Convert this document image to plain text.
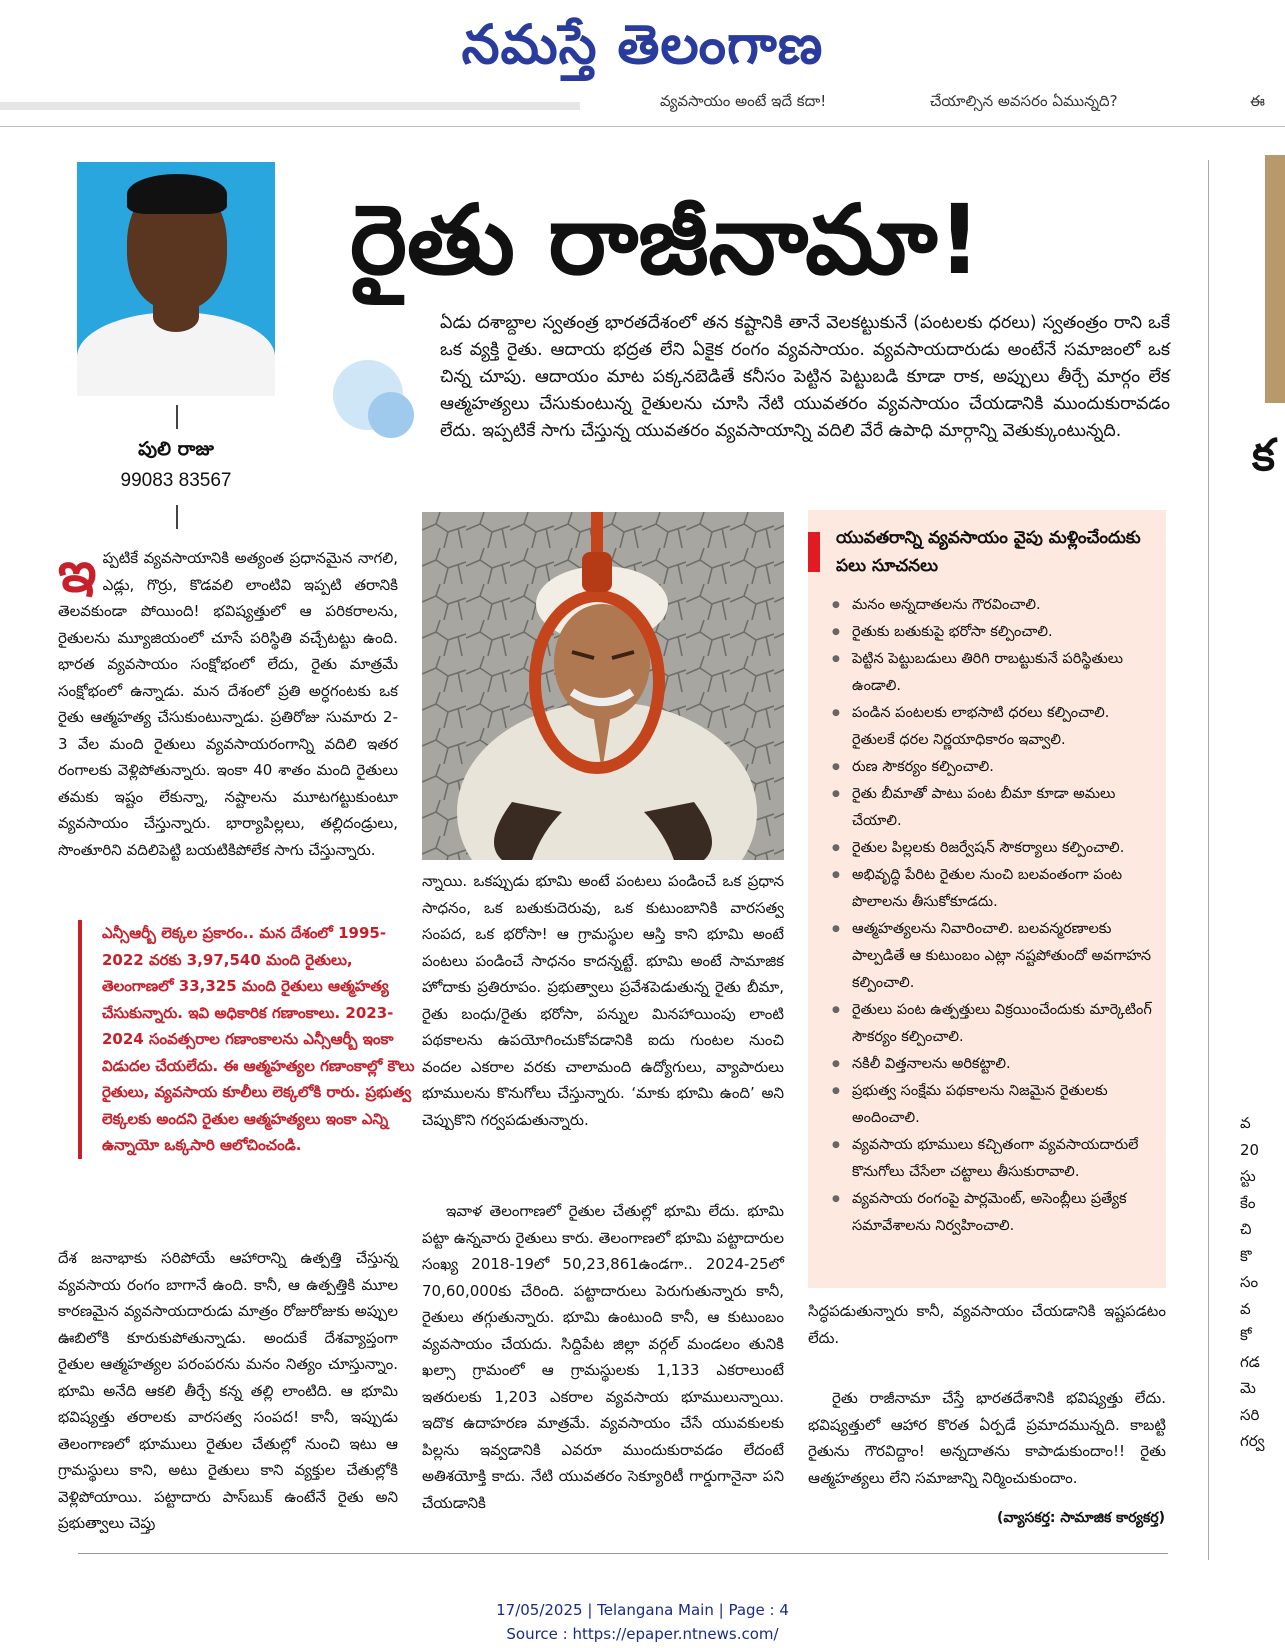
నమస్తే తెలంగాణ
వ్యవసాయం అంటే ఇదే కదా!	చేయాల్సిన అవసరం ఏమున్నది?	ఈ
పులి రాజు
99083 83567
రైతు రాజీనామా!
ఏడు దశాబ్దాల స్వతంత్ర భారతదేశంలో తన కష్టానికి తానే వెలకట్టుకునే (పంటలకు ధరలు) స్వతంత్రం రాని ఒకే ఒక వ్యక్తి రైతు. ఆదాయ భద్రత లేని ఏకైక రంగం వ్యవసాయం. వ్యవసాయదారుడు అంటేనే సమాజంలో ఒక చిన్న చూపు. ఆదాయం మాట పక్కనబెడితే కనీసం పెట్టిన పెట్టుబడి కూడా రాక, అప్పులు తీర్చే మార్గం లేక ఆత్మహత్యలు చేసుకుంటున్న రైతులను చూసి నేటి యువతరం వ్యవసాయం చేయడానికి ముందుకురావడం లేదు. ఇప్పటికే సాగు చేస్తున్న యువతరం వ్యవసాయాన్ని వదిలి వేరే ఉపాధి మార్గాన్ని వెతుక్కుంటున్నది.
ఇ ప్పటికే వ్యవసాయానికి అత్యంత ప్రధానమైన నాగలి, ఎడ్లు, గొర్రు, కొడవలి లాంటివి ఇప్పటి తరానికి తెలవకుండా పోయింది! భవిష్యత్తులో ఆ పరికరాలను, రైతులను మ్యూజియంలో చూసే పరిస్థితి వచ్చేటట్టు ఉంది. భారత వ్యవసాయం సంక్షోభంలో లేదు, రైతు మాత్రమే సంక్షోభంలో ఉన్నాడు. మన దేశంలో ప్రతి అర్ధగంటకు ఒక రైతు ఆత్మహత్య చేసుకుంటున్నాడు. ప్రతిరోజు సుమారు 2-3 వేల మంది రైతులు వ్యవసాయరంగాన్ని వదిలి ఇతర రంగాలకు వెళ్లిపోతున్నారు. ఇంకా 40 శాతం మంది రైతులు తమకు ఇష్టం లేకున్నా, నష్టాలను మూటగట్టుకుంటూ వ్యవసాయం చేస్తున్నారు. భార్యాపిల్లలు, తల్లిదండ్రులు, సొంతూరిని వదిలిపెట్టి బయటికిపోలేక సాగు చేస్తున్నారు.
ఎన్సీఆర్బీ లెక్కల ప్రకారం.. మన దేశంలో 1995-2022 వరకు 3,97,540 మంది రైతులు, తెలంగాణలో 33,325 మంది రైతులు ఆత్మహత్య చేసుకున్నారు. ఇవి అధికారిక గణాంకాలు. 2023- 2024 సంవత్సరాల గణాంకాలను ఎన్సీఆర్బీ ఇంకా విడుదల చేయలేదు. ఈ ఆత్మహత్యల గణాంకాల్లో కౌలు రైతులు, వ్యవసాయ కూలీలు లెక్కలోకి రారు. ప్రభుత్వ లెక్కలకు అందని రైతుల ఆత్మహత్యలు ఇంకా ఎన్ని ఉన్నాయో ఒక్కసారి ఆలోచించండి.
దేశ జనాభాకు సరిపోయే ఆహారాన్ని ఉత్పత్తి చేస్తున్న వ్యవసాయ రంగం బాగానే ఉంది. కానీ, ఆ ఉత్పత్తికి మూల కారణమైన వ్యవసాయదారుడు మాత్రం రోజురోజుకు అప్పుల ఊబిలోకి కూరుకుపోతున్నాడు. అందుకే దేశవ్యాప్తంగా రైతుల ఆత్మహత్యల పరంపరను మనం నిత్యం చూస్తున్నాం. భూమి అనేది ఆకలి తీర్చే కన్న తల్లి లాంటిది. ఆ భూమి భవిష్యత్తు తరాలకు వారసత్వ సంపద! కానీ, ఇప్పుడు తెలంగాణలో భూములు రైతుల చేతుల్లో నుంచి ఇటు ఆ గ్రామస్థులు కాని, అటు రైతులు కాని వ్యక్తుల చేతుల్లోకి వెళ్లిపోయాయి. పట్టాదారు పాస్‌బుక్ ఉంటేనే రైతు అని ప్రభుత్వాలు చెప్తు
న్నాయి. ఒకప్పుడు భూమి అంటే పంటలు పండించే ఒక ప్రధాన సాధనం, ఒక బతుకుదెరువు, ఒక కుటుంబానికి వారసత్వ సంపద, ఒక భరోసా! ఆ గ్రామస్థుల ఆస్తి కాని భూమి అంటే పంటలు పండించే సాధనం కాదన్నట్టే. భూమి అంటే సామాజిక హోదాకు ప్రతిరూపం. ప్రభుత్వాలు ప్రవేశపెడుతున్న రైతు బీమా, రైతు బంధు/రైతు భరోసా, పన్నుల మినహాయింపు లాంటి పథకాలను ఉపయోగించుకోవడానికి ఐదు గుంటల నుంచి వందల ఎకరాల వరకు చాలామంది ఉద్యోగులు, వ్యాపారులు భూములను కొనుగోలు చేస్తున్నారు. ‘మాకు భూమి ఉంది’ అని చెప్పుకొని గర్వపడుతున్నారు.
ఇవాళ తెలంగాణలో రైతుల చేతుల్లో భూమి లేదు. భూమి పట్టా ఉన్నవారు రైతులు కారు. తెలంగాణలో భూమి పట్టాదారుల సంఖ్య 2018-19లో 50,23,861ఉండగా.. 2024-25లో 70,60,000కు చేరింది. పట్టాదారులు పెరుగుతున్నారు కానీ, రైతులు తగ్గుతున్నారు. భూమి ఉంటుంది కానీ, ఆ కుటుంబం వ్యవసాయం చేయదు. సిద్దిపేట జిల్లా వర్గల్ మండలం తునికి ఖల్సా గ్రామంలో ఆ గ్రామస్థులకు 1,133 ఎకరాలుంటే ఇతరులకు 1,203 ఎకరాల వ్యవసాయ భూములున్నాయి. ఇదొక ఉదాహరణ మాత్రమే. వ్యవసాయం చేసే యువకులకు పిల్లను ఇవ్వడానికి ఎవరూ ముందుకురావడం లేదంటే అతిశయోక్తి కాదు. నేటి యువతరం సెక్యూరిటీ గార్డుగానైనా పని చేయడానికి
యువతరాన్ని వ్యవసాయం వైపు మళ్లించేందుకు పలు సూచనలు
● మనం అన్నదాతలను గౌరవించాలి.
● రైతుకు బతుకుపై భరోసా కల్పించాలి.
● పెట్టిన పెట్టుబడులు తిరిగి రాబట్టుకునే పరిస్థితులు ఉండాలి.
● పండిన పంటలకు లాభసాటి ధరలు కల్పించాలి. రైతులకే ధరల నిర్ణయాధికారం ఇవ్వాలి.
● రుణ సౌకర్యం కల్పించాలి.
● రైతు బీమాతో పాటు పంట బీమా కూడా అమలు చేయాలి.
● రైతుల పిల్లలకు రిజర్వేషన్ సౌకర్యాలు కల్పించాలి.
● అభివృద్ధి పేరిట రైతుల నుంచి బలవంతంగా పంట పొలాలను తీసుకోకూడదు.
● ఆత్మహత్యలను నివారించాలి. బలవన్మరణాలకు పాల్పడితే ఆ కుటుంబం ఎట్లా నష్టపోతుందో అవగాహన కల్పించాలి.
● రైతులు పంట ఉత్పత్తులు విక్రయించేందుకు మార్కెటింగ్ సౌకర్యం కల్పించాలి.
● నకిలీ విత్తనాలను అరికట్టాలి.
● ప్రభుత్వ సంక్షేమ పథకాలను నిజమైన రైతులకు అందించాలి.
● వ్యవసాయ భూములు కచ్చితంగా వ్యవసాయదారులే కొనుగోలు చేసేలా చట్టాలు తీసుకురావాలి.
● వ్యవసాయ రంగంపై పార్లమెంట్, అసెంబ్లీలు ప్రత్యేక సమావేశాలను నిర్వహించాలి.
సిద్ధపడుతున్నారు కానీ, వ్యవసాయం చేయడానికి ఇష్టపడటం లేదు.
రైతు రాజీనామా చేస్తే భారతదేశానికి భవిష్యత్తు లేదు. భవిష్యత్తులో ఆహార కొరత ఏర్పడే ప్రమాదమున్నది. కాబట్టి రైతును గౌరవిద్దాం! అన్నదాతను కాపాడుకుందాం!! రైతు ఆత్మహత్యలు లేని సమాజాన్ని నిర్మించుకుందాం.
(వ్యాసకర్త: సామాజిక కార్యకర్త)
క
వ
20
స్టు
కేం
చి
కొ
సం
వ
కో
గడ
మె
సరి
గర్వ
17/05/2025 | Telangana Main | Page : 4
Source : https://epaper.ntnews.com/
